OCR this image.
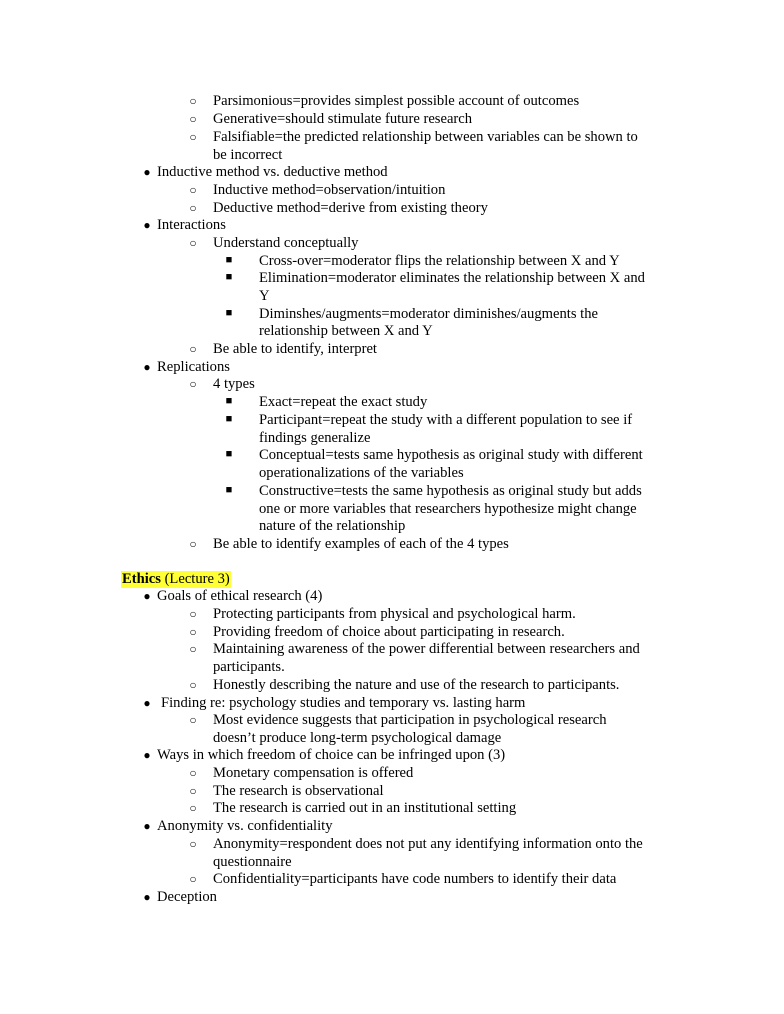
○ Parsimonious=provides simplest possible account of outcomes
○ Generative=should stimulate future research
○ Falsifiable=the predicted relationship between variables can be shown to
be incorrect
● Inductive method vs. deductive method
○ Inductive method=observation/intuition
○ Deductive method=derive from existing theory
● Interactions
○ Understand conceptually
■ Cross-over=moderator flips the relationship between X and Y
■ Elimination=moderator eliminates the relationship between X and
Y
■ Diminshes/augments=moderator diminishes/augments the
relationship between X and Y
○ Be able to identify, interpret
● Replications
○ 4 types
■ Exact=repeat the exact study
■ Participant=repeat the study with a different population to see if
findings generalize
■ Conceptual=tests same hypothesis as original study with different
operationalizations of the variables
■ Constructive=tests the same hypothesis as original study but adds
one or more variables that researchers hypothesize might change
nature of the relationship
○ Be able to identify examples of each of the 4 types
Ethics (Lecture 3)
● Goals of ethical research (4)
○ Protecting participants from physical and psychological harm.
○ Providing freedom of choice about participating in research.
○ Maintaining awareness of the power differential between researchers and
participants.
○ Honestly describing the nature and use of the research to participants.
● Finding re: psychology studies and temporary vs. lasting harm
○ Most evidence suggests that participation in psychological research
doesn’t produce long-term psychological damage
● Ways in which freedom of choice can be infringed upon (3)
○ Monetary compensation is offered
○ The research is observational
○ The research is carried out in an institutional setting
● Anonymity vs. confidentiality
○ Anonymity=respondent does not put any identifying information onto the
questionnaire
○ Confidentiality=participants have code numbers to identify their data
● Deception
